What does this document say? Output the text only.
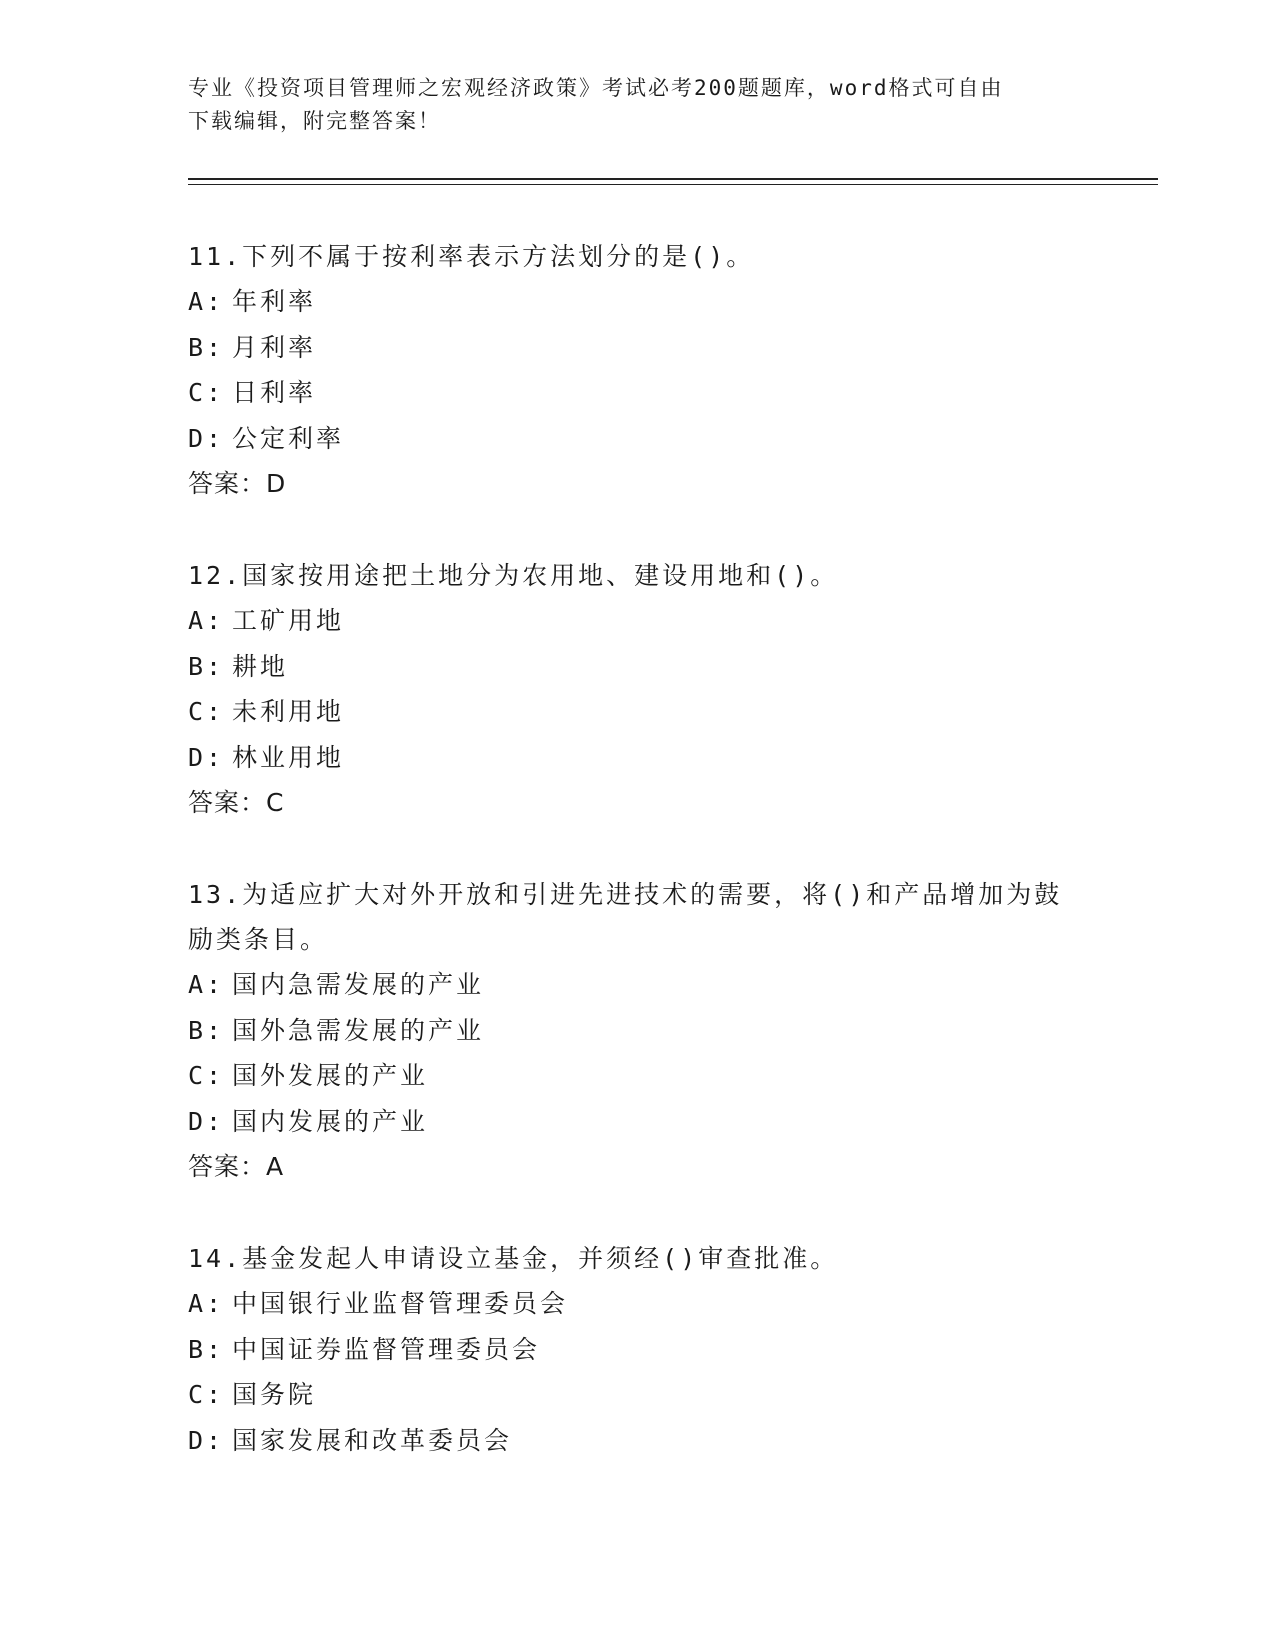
专业《投资项目管理师之宏观经济政策》考试必考200题题库，word格式可自由
下载编辑，附完整答案！

11.下列不属于按利率表示方法划分的是()。

A: 年利率
B: 月利率
C: 日利率
D: 公定利率
答案：D

12.国家按用途把土地分为农用地、建设用地和()。

A: 工矿用地
B: 耕地
C: 未利用地
D: 林业用地
答案：C

13.为适应扩大对外开放和引进先进技术的需要，将()和产品增加为鼓励类条目。

A: 国内急需发展的产业
B: 国外急需发展的产业
C: 国外发展的产业
D: 国内发展的产业
答案：A

14.基金发起人申请设立基金，并须经()审查批准。

A: 中国银行业监督管理委员会
B: 中国证券监督管理委员会
C: 国务院
D: 国家发展和改革委员会
